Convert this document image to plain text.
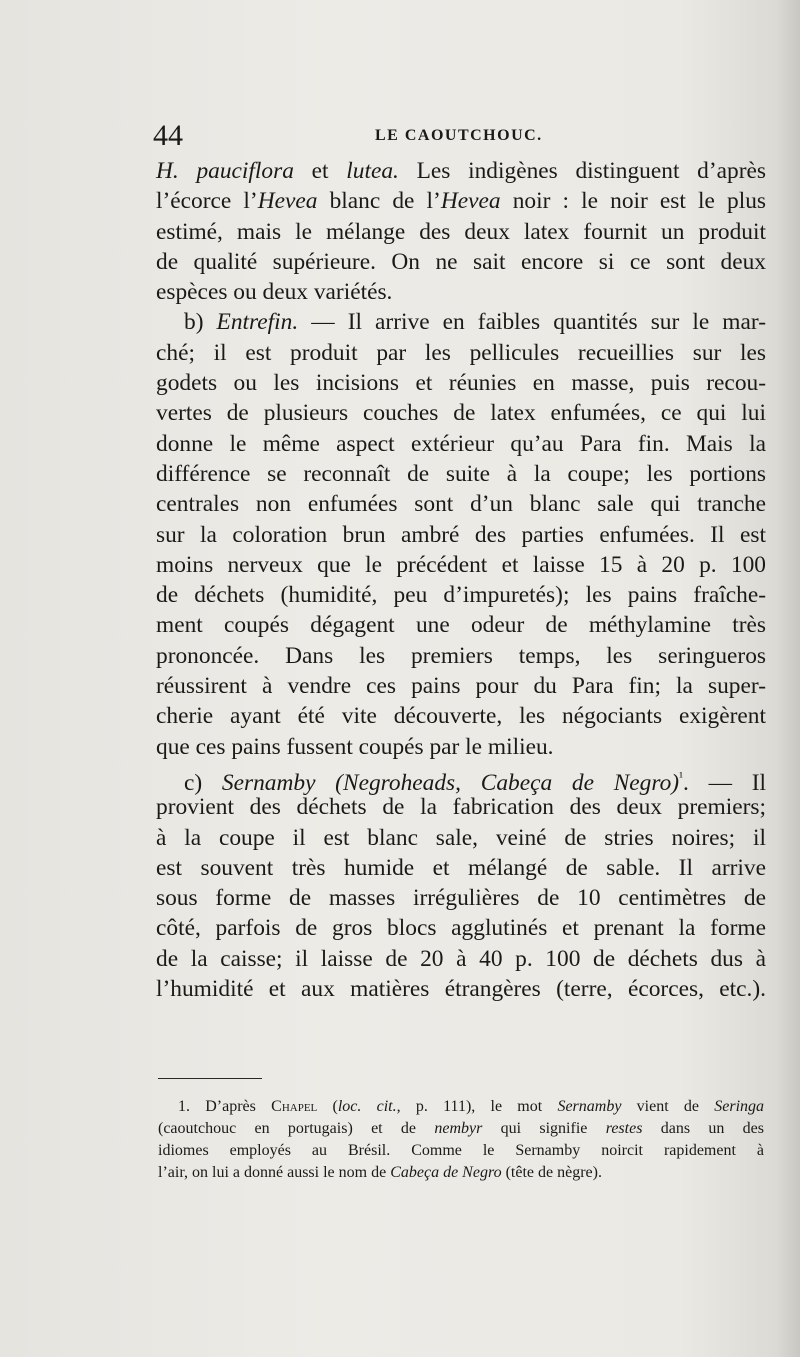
44	LE CAOUTCHOUC.
H. pauciflora et lutea. Les indigènes distinguent d’après
l’écorce l’Hevea blanc de l’Hevea noir : le noir est le plus
estimé, mais le mélange des deux latex fournit un produit
de qualité supérieure. On ne sait encore si ce sont deux
espèces ou deux variétés.
b) Entrefin. — Il arrive en faibles quantités sur le mar-
ché; il est produit par les pellicules recueillies sur les
godets ou les incisions et réunies en masse, puis recou-
vertes de plusieurs couches de latex enfumées, ce qui lui
donne le même aspect extérieur qu’au Para fin. Mais la
différence se reconnaît de suite à la coupe; les portions
centrales non enfumées sont d’un blanc sale qui tranche
sur la coloration brun ambré des parties enfumées. Il est
moins nerveux que le précédent et laisse 15 à 20 p. 100
de déchets (humidité, peu d’impuretés); les pains fraîche-
ment coupés dégagent une odeur de méthylamine très
prononcée. Dans les premiers temps, les seringueros
réussirent à vendre ces pains pour du Para fin; la super-
cherie ayant été vite découverte, les négociants exigèrent
que ces pains fussent coupés par le milieu.
c) Sernamby (Negroheads, Cabeça de Negro)$^{^1}$. — Il
provient des déchets de la fabrication des deux premiers;
à la coupe il est blanc sale, veiné de stries noires; il
est souvent très humide et mélangé de sable. Il arrive
sous forme de masses irrégulières de 10 centimètres de
côté, parfois de gros blocs agglutinés et prenant la forme
de la caisse; il laisse de 20 à 40 p. 100 de déchets dus à
l’humidité et aux matières étrangères (terre, écorces, etc.).
1. D’après Chapel (loc. cit., p. 111), le mot Sernamby vient de Seringa
(caoutchouc en portugais) et de nembyr qui signifie restes dans un des
idiomes employés au Brésil. Comme le Sernamby noircit rapidement à
l’air, on lui a donné aussi le nom de Cabeça de Negro (tête de nègre).
